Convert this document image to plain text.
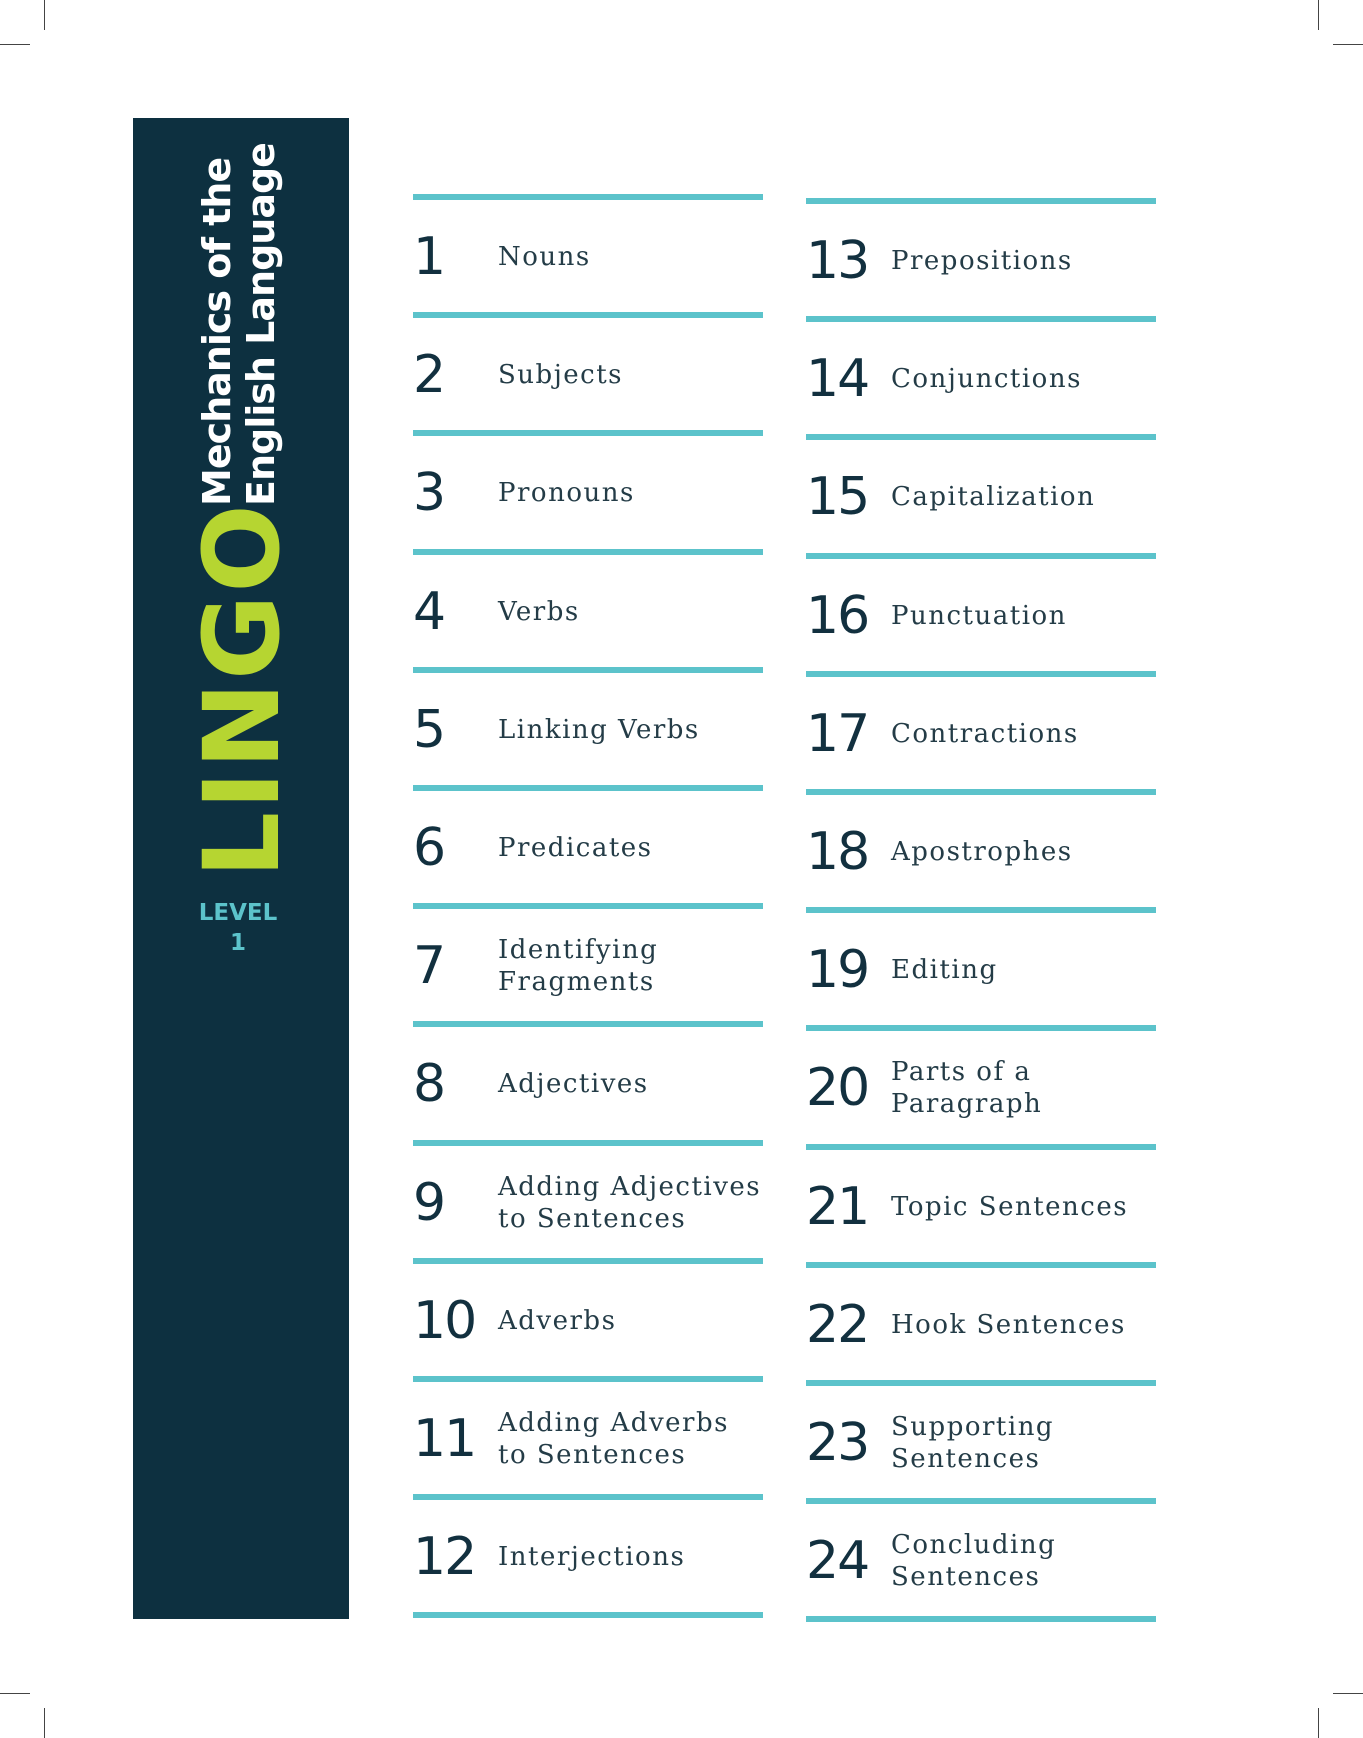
Mechanics of the English Language
LINGO
LEVEL
1
1	Nouns
2	Subjects
3	Pronouns
4	Verbs
5	Linking Verbs
6	Predicates
7	Identifying
Fragments
8	Adjectives
9	Adding Adjectives
to Sentences
10 Adverbs
11 Adding Adverbs
to Sentences
12 Interjections
13 Prepositions
14 Conjunctions
15 Capitalization
16 Punctuation
17 Contractions
18 Apostrophes
19 Editing
20 Parts of a
Paragraph
21 Topic Sentences
22 Hook Sentences
23 Supporting
Sentences
24 Concluding
Sentences
